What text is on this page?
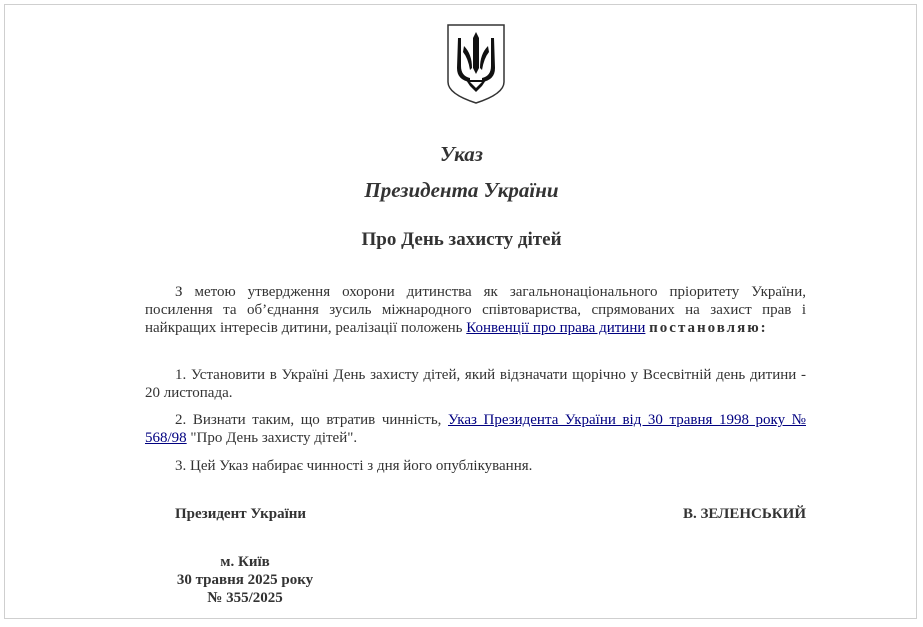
Указ
Президента України
Про День захисту дітей
З метою утвердження охорони дитинства як загальнонаціонального пріоритету України, посилення та об’єднання зусиль міжнародного співтовариства, спрямованих на захист прав і найкращих інтересів дитини, реалізації положень Конвенції про права дитини постановляю:
1. Установити в Україні День захисту дітей, який відзначати щорічно у Всесвітній день дитини - 20 листопада.
2. Визнати таким, що втратив чинність, Указ Президента України від 30 травня 1998 року № 568/98 "Про День захисту дітей".
3. Цей Указ набирає чинності з дня його опублікування.
Президент України	В. ЗЕЛЕНСЬКИЙ
м. Київ
30 травня 2025 року
№ 355/2025
